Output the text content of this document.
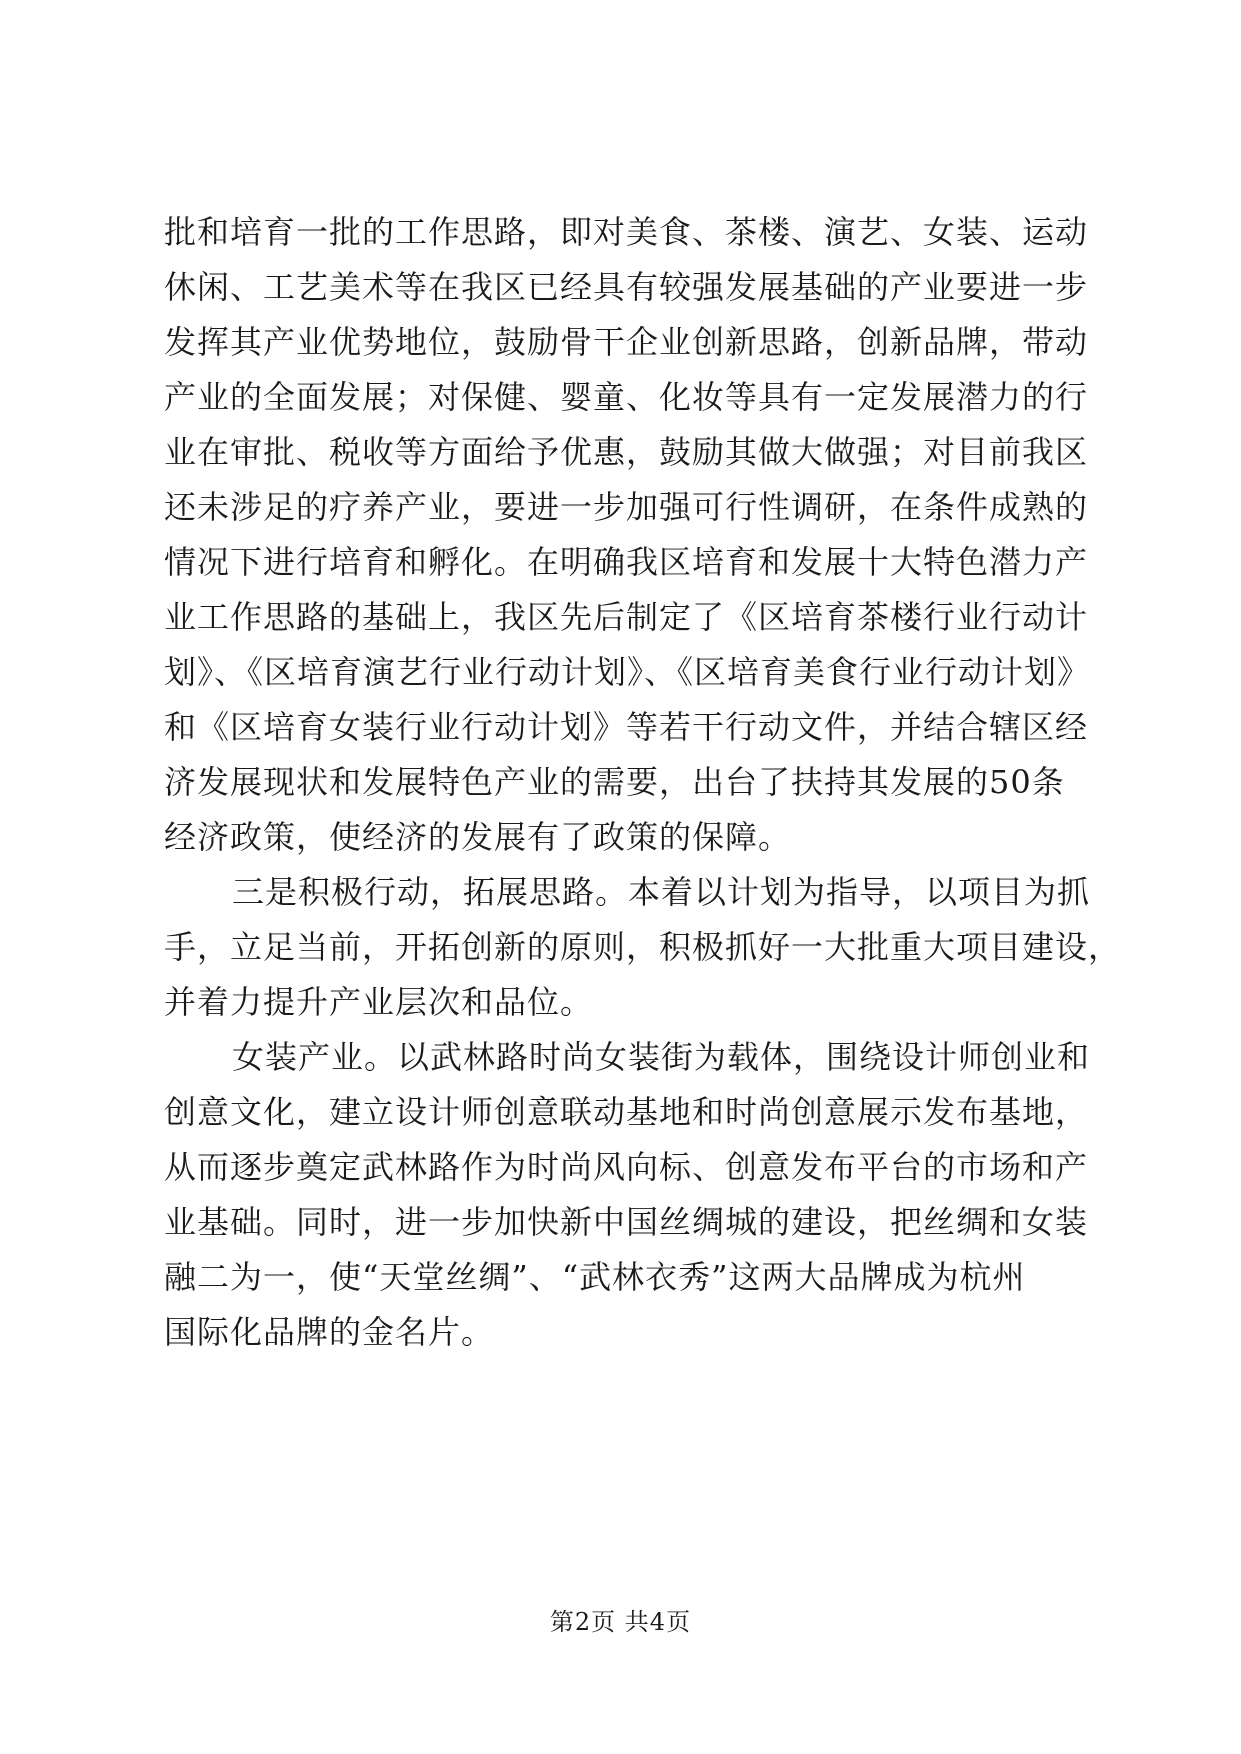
批和培育一批的工作思路，即对美食、茶楼、演艺、女装、运动
休闲、工艺美术等在我区已经具有较强发展基础的产业要进一步
发挥其产业优势地位，鼓励骨干企业创新思路，创新品牌，带动
产业的全面发展；对保健、婴童、化妆等具有一定发展潜力的行
业在审批、税收等方面给予优惠，鼓励其做大做强；对目前我区
还未涉足的疗养产业，要进一步加强可行性调研，在条件成熟的
情况下进行培育和孵化。在明确我区培育和发展十大特色潜力产
业工作思路的基础上，我区先后制定了《区培育茶楼行业行动计
划》、《区培育演艺行业行动计划》、《区培育美食行业行动计划》
和《区培育女装行业行动计划》等若干行动文件，并结合辖区经
济发展现状和发展特色产业的需要，出台了扶持其发展的50条
经济政策，使经济的发展有了政策的保障。
三是积极行动，拓展思路。本着以计划为指导，以项目为抓
手，立足当前，开拓创新的原则，积极抓好一大批重大项目建设，
并着力提升产业层次和品位。
女装产业。以武林路时尚女装街为载体，围绕设计师创业和
创意文化，建立设计师创意联动基地和时尚创意展示发布基地，
从而逐步奠定武林路作为时尚风向标、创意发布平台的市场和产
业基础。同时，进一步加快新中国丝绸城的建设，把丝绸和女装
融二为一，使“天堂丝绸”、“武林衣秀”这两大品牌成为杭州
国际化品牌的金名片。
第2页 共4页
